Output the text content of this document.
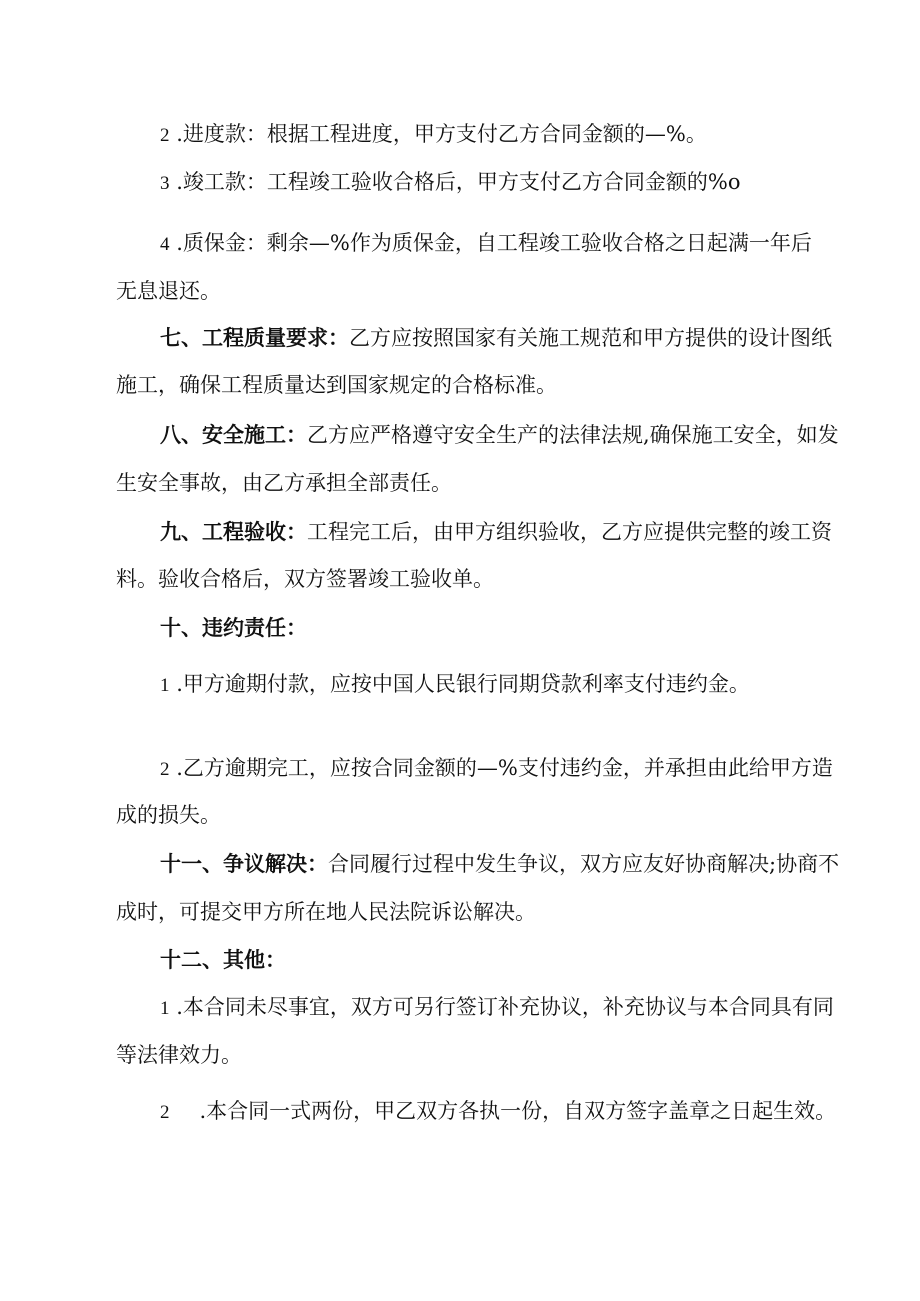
2 .进度款：根据工程进度，甲方支付乙方合同金额的—%。
3 .竣工款：工程竣工验收合格后，甲方支付乙方合同金额的%o
4 .质保金：剩余—%作为质保金，自工程竣工验收合格之日起满一年后
无息退还。
七、工程质量要求：乙方应按照国家有关施工规范和甲方提供的设计图纸
施工，确保工程质量达到国家规定的合格标准。
八、安全施工：乙方应严格遵守安全生产的法律法规,确保施工安全，如发
生安全事故，由乙方承担全部责任。
九、工程验收：工程完工后，由甲方组织验收，乙方应提供完整的竣工资
料。验收合格后，双方签署竣工验收单。
十、违约责任：
1 .甲方逾期付款，应按中国人民银行同期贷款利率支付违约金。
2 .乙方逾期完工，应按合同金额的—%支付违约金，并承担由此给甲方造
成的损失。
十一、争议解决：合同履行过程中发生争议，双方应友好协商解决;协商不
成时，可提交甲方所在地人民法院诉讼解决。
十二、其他：
1 .本合同未尽事宜，双方可另行签订补充协议，补充协议与本合同具有同
等法律效力。
2 .本合同一式两份，甲乙双方各执一份，自双方签字盖章之日起生效。
